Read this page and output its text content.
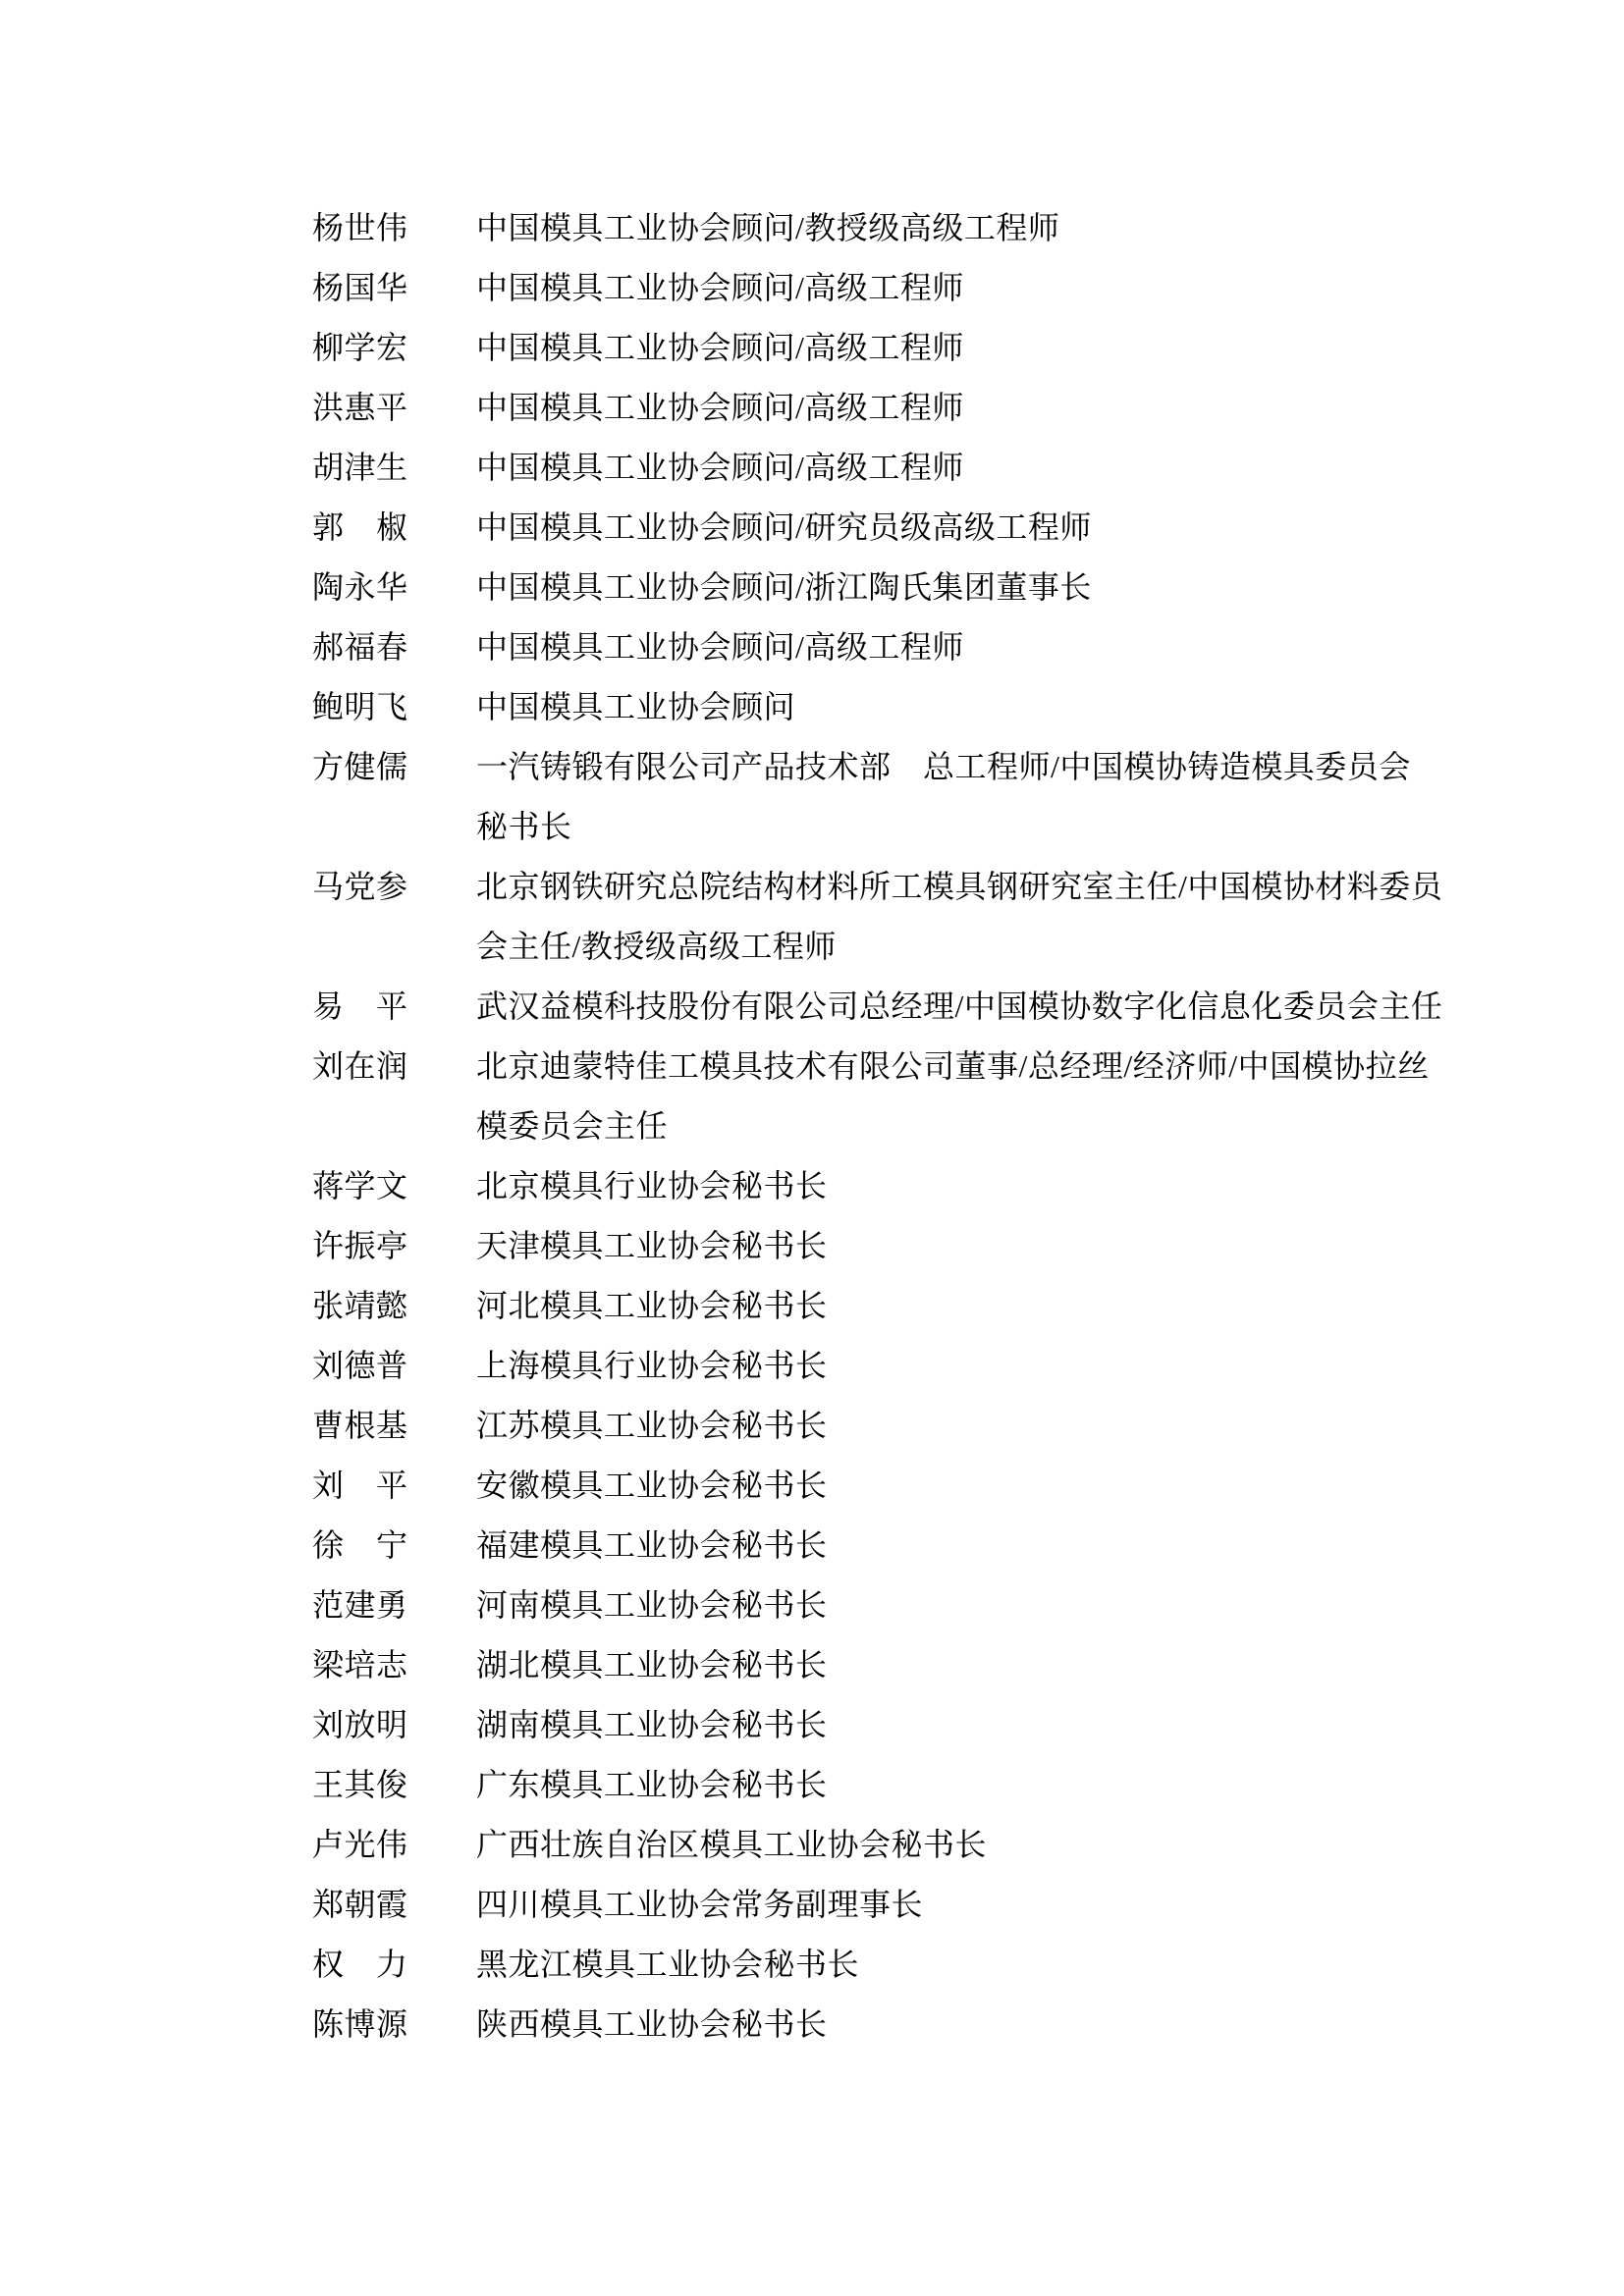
杨世伟	中国模具工业协会顾问/教授级高级工程师
杨国华	中国模具工业协会顾问/高级工程师
柳学宏	中国模具工业协会顾问/高级工程师
洪惠平	中国模具工业协会顾问/高级工程师
胡津生	中国模具工业协会顾问/高级工程师
郭　椒	中国模具工业协会顾问/研究员级高级工程师
陶永华	中国模具工业协会顾问/浙江陶氏集团董事长
郝福春	中国模具工业协会顾问/高级工程师
鲍明飞	中国模具工业协会顾问
方健儒	一汽铸锻有限公司产品技术部　总工程师/中国模协铸造模具委员会
秘书长
马党参	北京钢铁研究总院结构材料所工模具钢研究室主任/中国模协材料委员
会主任/教授级高级工程师
易　平	武汉益模科技股份有限公司总经理/中国模协数字化信息化委员会主任
刘在润	北京迪蒙特佳工模具技术有限公司董事/总经理/经济师/中国模协拉丝
模委员会主任
蒋学文	北京模具行业协会秘书长
许振亭	天津模具工业协会秘书长
张靖懿	河北模具工业协会秘书长
刘德普	上海模具行业协会秘书长
曹根基	江苏模具工业协会秘书长
刘　平	安徽模具工业协会秘书长
徐　宁	福建模具工业协会秘书长
范建勇	河南模具工业协会秘书长
梁培志	湖北模具工业协会秘书长
刘放明	湖南模具工业协会秘书长
王其俊	广东模具工业协会秘书长
卢光伟	广西壮族自治区模具工业协会秘书长
郑朝霞	四川模具工业协会常务副理事长
权　力	黑龙江模具工业协会秘书长
陈博源	陕西模具工业协会秘书长
